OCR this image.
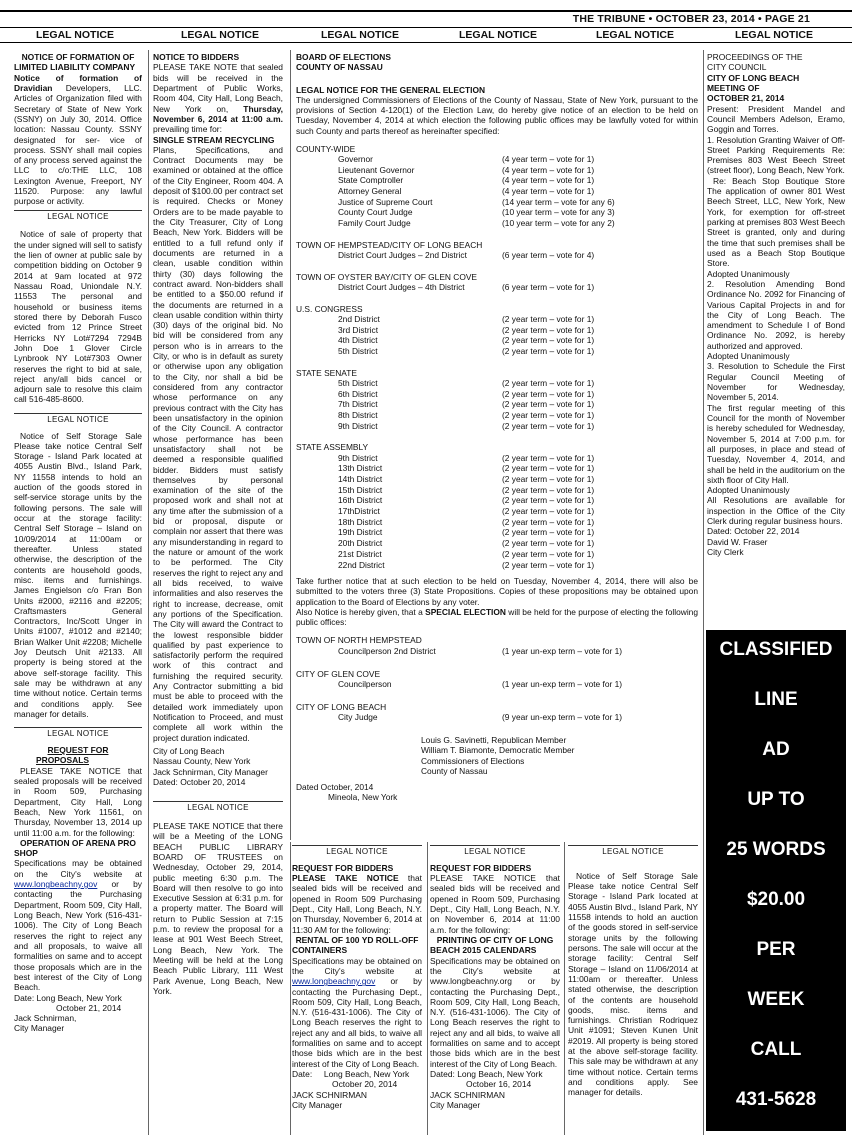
THE TRIBUNE • OCTOBER 23, 2014 • PAGE 21
LEGAL NOTICE	LEGAL NOTICE	LEGAL NOTICE	LEGAL NOTICE	LEGAL NOTICE	LEGAL NOTICE

NOTICE OF FORMATION OF LIMITED LIABILITY COMPANY

Notice of formation of Dravidian Developers, LLC. Articles of Organization filed with Secretary of State of New York (SSNY) on July 30, 2014. Office location: Nassau County. SSNY designated for ser- vice of process. SSNY shall mail copies of any process served against the LLC to c/o:THE LLC, 108 Lexington Avenue, Freeport, NY 11520. Purpose: any lawful purpose or activity.

LEGAL NOTICE

Notice of sale of property that the under signed will sell to satisfy the lien of owner at public sale by competition bidding on October 9 2014 at 9am located at 972 Nassau Road, Uniondale N.Y. 11553 The personal and household or business items stored there by Deborah Fusco evicted from 12 Prince Street Herricks NY Lot#7294 7294B John Doe 1 Glover Circle Lynbrook NY Lot#7303 Owner reserves the right to bid at sale, reject any/all bids cancel or adjourn sale to resolve this claim call 516-485-8600.

LEGAL NOTICE

Notice of Self Storage Sale Please take notice Central Self Storage - Island Park located at 4055 Austin Blvd., Island Park, NY 11558 intends to hold an auction of the goods stored in self-service storage units by the following persons. The sale will occur at the storage facility: Central Self Storage – Island on 10/09/2014 at 11:00am or thereafter. Unless stated otherwise, the description of the contents are household goods, misc. items and furnishings. James Engielson c/o Fran Bon Units #2000, #2116 and #2205; Craftsmasters General Contractors, Inc/Scott Unger in Units #1007, #1012 and #2140; Brian Walker Unit #2208; Michelle Joy Deutsch Unit #2133. All property is being stored at the above self-storage facility. This sale may be withdrawn at any time without notice. Certain terms and conditions apply. See manager for details.

LEGAL NOTICE

REQUEST FOR PROPOSALS

PLEASE TAKE NOTICE that sealed proposals will be received in Room 509, Purchasing Department, City Hall, Long Beach, New York 11561, on Thursday, November 13, 2014 up until 11:00 a.m. for the following:

OPERATION OF ARENA PRO SHOP

Specifications may be obtained on the City's website at www.longbeachny.gov or by contacting the Purchasing Department, Room 509, City Hall, Long Beach, New York (516-431-1006). The City of Long Beach reserves the right to reject any and all proposals, to waive all formalities on same and to accept those proposals which are in the best interest of the City of Long Beach.

Date: Long Beach, New York

October 21, 2014

Jack Schnirman,

City Manager

NOTICE TO BIDDERS

PLEASE TAKE NOTE that sealed bids will be received in the Department of Public Works, Room 404, City Hall, Long Beach, New York on, Thursday, November 6, 2014 at 11:00 a.m. prevailing time for:

SINGLE STREAM RECYCLING

Plans, Specifications, and Contract Documents may be examined or obtained at the office of the City Engineer, Room 404. A deposit of $100.00 per contract set is required. Checks or Money Orders are to be made payable to the City Treasurer, City of Long Beach, New York. Bidders will be entitled to a full refund only if documents are returned in a clean, usable condition within thirty (30) days following the contract award. Non-bidders shall be entitled to a $50.00 refund if the documents are returned in a clean usable condition within thirty (30) days of the original bid. No bid will be considered from any person who is in arrears to the City, or who is in default as surety or otherwise upon any obligation to the City, nor shall a bid be considered from any contractor whose performance on any previous contract with the City has been unsatisfactory in the opinion of the City Council. A contractor whose performance has been unsatisfactory shall not be deemed a responsible qualified bidder. Bidders must satisfy themselves by personal examination of the site of the proposed work and shall not at any time after the submission of a bid or proposal, dispute or complain nor assert that there was any misunderstanding in regard to the nature or amount of the work to be performed. The City reserves the right to reject any and all bids received, to waive informalities and also reserves the right to increase, decrease, omit any portions of the Specification. The City will award the Contract to the lowest responsible bidder qualified by past experience to satisfactorily perform the required work of this contract and furnishing the required security. Any Contractor submitting a bid must be able to proceed with the detailed work immediately upon Notification to Proceed, and must complete all work within the project duration indicated.

City of Long Beach

Nassau County, New York

Jack Schnirman, City Manager

Dated: October 20, 2014

LEGAL NOTICE

PLEASE TAKE NOTICE that there will be a Meeting of the LONG BEACH PUBLIC LIBRARY BOARD OF TRUSTEES on Wednesday, October 29, 2014, public meeting 6:30 p.m. The Board will then resolve to go into Executive Session at 6:31 p.m. for a property matter. The Board will return to Public Session at 7:15 p.m. to review the proposal for a lease at 901 West Beech Street, Long Beach, New York. The Meeting will be held at the Long Beach Public Library, 111 West Park Avenue, Long Beach, New York.

BOARD OF ELECTIONS

COUNTY OF NASSAU

LEGAL NOTICE FOR THE GENERAL ELECTION

The undersigned Commissioners of Elections of the County of Nassau, State of New York, pursuant to the provisions of Section 4-120(1) of the Election Law, do hereby give notice of an election to be held on Tuesday, November 4, 2014 at which election the following public offices may be lawfully voted for within such County and parts thereof as hereinafter specified:

COUNTY-WIDE
Governor	(4 year term – vote for 1)
Lieutenant Governor	(4 year term – vote for 1)
State Comptroller	(4 year term – vote for 1)
Attorney General	(4 year term – vote for 1)
Justice of Supreme Court	(14 year term – vote for any 6)
County Court Judge	(10 year term – vote for any 3)
Family Court Judge	(10 year term – vote for any 2)
TOWN OF HEMPSTEAD/CITY OF LONG BEACH
District Court Judges – 2nd District	(6 year term – vote for 4)
TOWN OF OYSTER BAY/CITY OF GLEN COVE
District Court Judges – 4th District	(6 year term – vote for 1)
U.S. CONGRESS
2nd District	(2 year term – vote for 1)
3rd District	(2 year term – vote for 1)
4th District	(2 year term – vote for 1)
5th District	(2 year term – vote for 1)
STATE SENATE
5th District	(2 year term – vote for 1)
6th District	(2 year term – vote for 1)
7th District	(2 year term – vote for 1)
8th District	(2 year term – vote for 1)
9th District	(2 year term – vote for 1)
STATE ASSEMBLY
9th District	(2 year term – vote for 1)
13th District	(2 year term – vote for 1)
14th District	(2 year term – vote for 1)
15th District	(2 year term – vote for 1)
16th District	(2 year term – vote for 1)
17thDistrict	(2 year term – vote for 1)
18th District	(2 year term – vote for 1)
19th District	(2 year term – vote for 1)
20th District	(2 year term – vote for 1)
21st District	(2 year term – vote for 1)
22nd District	(2 year term – vote for 1)

Take further notice that at such election to be held on Tuesday, November 4, 2014, there will also be submitted to the voters three (3) State Propositions. Copies of these propositions may be obtained upon application to the Board of Elections by any voter.

Also Notice is hereby given, that a SPECIAL ELECTION will be held for the purpose of electing the following public offices:

TOWN OF NORTH HEMPSTEAD
Councilperson 2nd District	(1 year un-exp term – vote for 1)
CITY OF GLEN COVE
Councilperson	(1 year un-exp term – vote for 1)
CITY OF LONG BEACH
City Judge	(9 year un-exp term – vote for 1)

Louis G. Savinetti, Republican Member

William T. Biamonte, Democratic Member

Commissioners of Elections

County of Nassau

Dated October, 2014

Mineola, New York

LEGAL NOTICE

REQUEST FOR BIDDERS

PLEASE TAKE NOTICE that sealed bids will be received and opened in Room 509 Purchasing Dept., City Hall, Long Beach, N.Y. on Thursday, November 6, 2014 at 11:30 AM for the following:

RENTAL OF 100 YD ROLL-OFF CONTAINERS

Specifications may be obtained on the City's website at www.longbeachny.gov or by contacting the Purchasing Dept., Room 509, City Hall, Long Beach, N.Y. (516-431-1006). The City of Long Beach reserves the right to reject any and all bids, to waive all formalities on same and to accept those bids which are in the best interest of the City of Long Beach.

Date:     Long Beach, New York

October 20, 2014

JACK SCHNIRMAN

City Manager

LEGAL NOTICE

REQUEST FOR BIDDERS

PLEASE TAKE NOTICE that sealed bids will be received and opened in Room 509, Purchasing Dept., City Hall, Long Beach, N.Y. on November 6, 2014 at 11:00 a.m. for the following:

PRINTING OF CITY OF LONG BEACH 2015 CALENDARS

Specifications may be obtained on the City's website at www.longbeachny.org or by contacting the Purchasing Dept., Room 509, City Hall, Long Beach, N.Y. (516-431-1006). The City of Long Beach reserves the right to reject any and all bids, to waive all formalities on same and to accept those bids which are in the best interest of the City of Long Beach.

Dated: Long Beach, New York

October 16, 2014

JACK SCHNIRMAN

City Manager

LEGAL NOTICE

Notice of Self Storage Sale Please take notice Central Self Storage - Island Park located at 4055 Austin Blvd., Island Park, NY 11558 intends to hold an auction of the goods stored in self-service storage units by the following persons. The sale will occur at the storage facility: Central Self Storage – Island on 11/06/2014 at 11:00am or thereafter. Unless stated otherwise, the description of the contents are household goods, misc. items and furnishings. Christian Rodriquez Unit #1091; Steven Kunen Unit #2019. All property is being stored at the above self-storage facility. This sale may be withdrawn at any time without notice. Certain terms and conditions apply. See manager for details.

PROCEEDINGS OF THE

CITY COUNCIL

CITY OF LONG BEACH

MEETING OF

OCTOBER 21, 2014

Present: President Mandel and Council Members Adelson, Eramo, Goggin and Torres.

1. Resolution Granting Waiver of Off-Street Parking Requirements Re: Premises 803 West Beech Street (street floor), Long Beach, New York.

Re: Beach Stop Boutique Store The application of owner 801 West Beech Street, LLC, New York, New York, for exemption for off-street parking at premises 803 West Beech Street is granted, only and during the time that such premises shall be used as a Beach Stop Boutique Store.

Adopted Unanimously

2. Resolution Amending Bond Ordinance No. 2092 for Financing of Various Capital Projects in and for the City of Long Beach. The amendment to Schedule I of Bond Ordinance No. 2092, is hereby authorized and approved.

Adopted Unanimously

3. Resolution to Schedule the First Regular Council Meeting of November for Wednesday, November 5, 2014.

The first regular meeting of this Council for the month of November is hereby scheduled for Wednesday, November 5, 2014 at 7:00 p.m. for all purposes, in place and stead of Tuesday, November 4, 2014, and shall be held in the auditorium on the sixth floor of City Hall.

Adopted Unanimously

All Resolutions are available for inspection in the Office of the City Clerk during regular business hours.

Dated: October 22, 2014

David W. Fraser

City Clerk

CLASSIFIED
LINE
AD
UP TO
25 WORDS
$20.00
PER
WEEK
CALL
431-5628
